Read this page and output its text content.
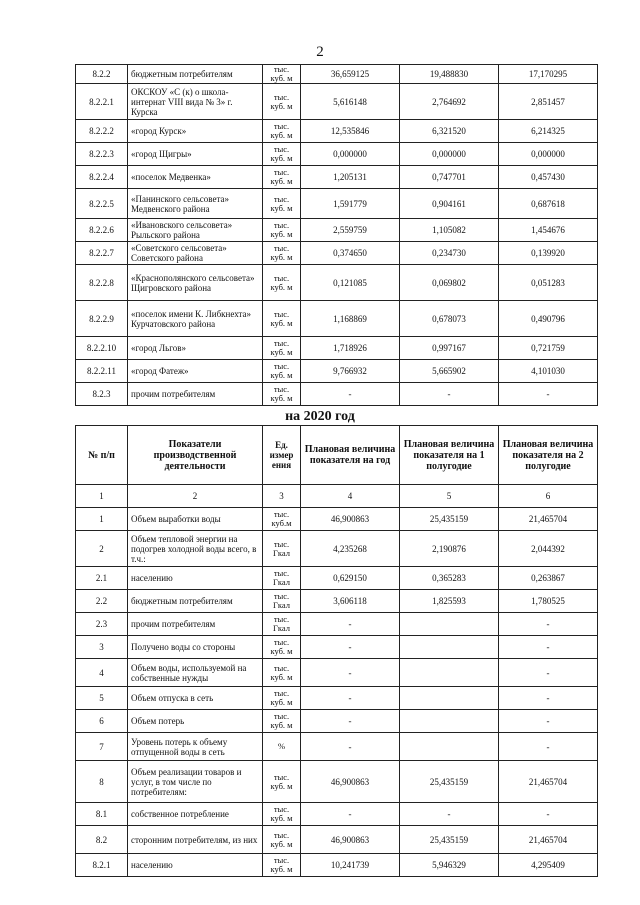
2
8.2.2	бюджетным потребителям	тыс. куб. м	36,659125	19,488830	17,170295
8.2.2.1	ОКСКОУ «С (к) о школа-интернат VIII вида № 3» г. Курска	тыс. куб. м	5,616148	2,764692	2,851457
8.2.2.2	«город Курск»	тыс. куб. м	12,535846	6,321520	6,214325
8.2.2.3	«город Щигры»	тыс. куб. м	0,000000	0,000000	0,000000
8.2.2.4	«поселок Медвенка»	тыс. куб. м	1,205131	0,747701	0,457430
8.2.2.5	«Панинского сельсовета» Медвенского района	тыс. куб. м	1,591779	0,904161	0,687618
8.2.2.6	«Ивановского сельсовета» Рыльского района	тыс. куб. м	2,559759	1,105082	1,454676
8.2.2.7	«Советского сельсовета» Советского района	тыс. куб. м	0,374650	0,234730	0,139920
8.2.2.8	«Краснополянского сельсовета» Щигровского района	тыс. куб. м	0,121085	0,069802	0,051283
8.2.2.9	«поселок имени К. Либкнехта» Курчатовского района	тыс. куб. м	1,168869	0,678073	0,490796
8.2.2.10	«город Льгов»	тыс. куб. м	1,718926	0,997167	0,721759
8.2.2.11	«город Фатеж»	тыс. куб. м	9,766932	5,665902	4,101030
8.2.3	прочим потребителям	тыс. куб. м	-	-	-
на 2020 год
№ п/п	Показатели производственной деятельности	Ед. измер ения	Плановая величина показателя на год	Плановая величина показателя на 1 полугодие	Плановая величина показателя на 2 полугодие
1	2	3	4	5	6
1	Объем выработки воды	тыс. куб.м	46,900863	25,435159	21,465704
2	Объем тепловой энергии на подогрев холодной воды всего, в т.ч.:	тыс. Гкал	4,235268	2,190876	2,044392
2.1	населению	тыс. Гкал	0,629150	0,365283	0,263867
2.2	бюджетным потребителям	тыс. Гкал	3,606118	1,825593	1,780525
2.3	прочим потребителям	тыс. Гкал	-		-
3	Получено воды со стороны	тыс. куб. м	-		-
4	Объем воды, используемой на собственные нужды	тыс. куб. м	-		-
5	Объем отпуска в сеть	тыс. куб. м	-		-
6	Объем потерь	тыс. куб. м	-		-
7	Уровень потерь к объему отпущенной воды в сеть	%	-		-
8	Объем реализации товаров и услуг, в том числе по потребителям:	тыс. куб. м	46,900863	25,435159	21,465704
8.1	собственное потребление	тыс. куб. м	-	-	-
8.2	сторонним потребителям, из них	тыс. куб. м	46,900863	25,435159	21,465704
8.2.1	населению	тыс. куб. м	10,241739	5,946329	4,295409
